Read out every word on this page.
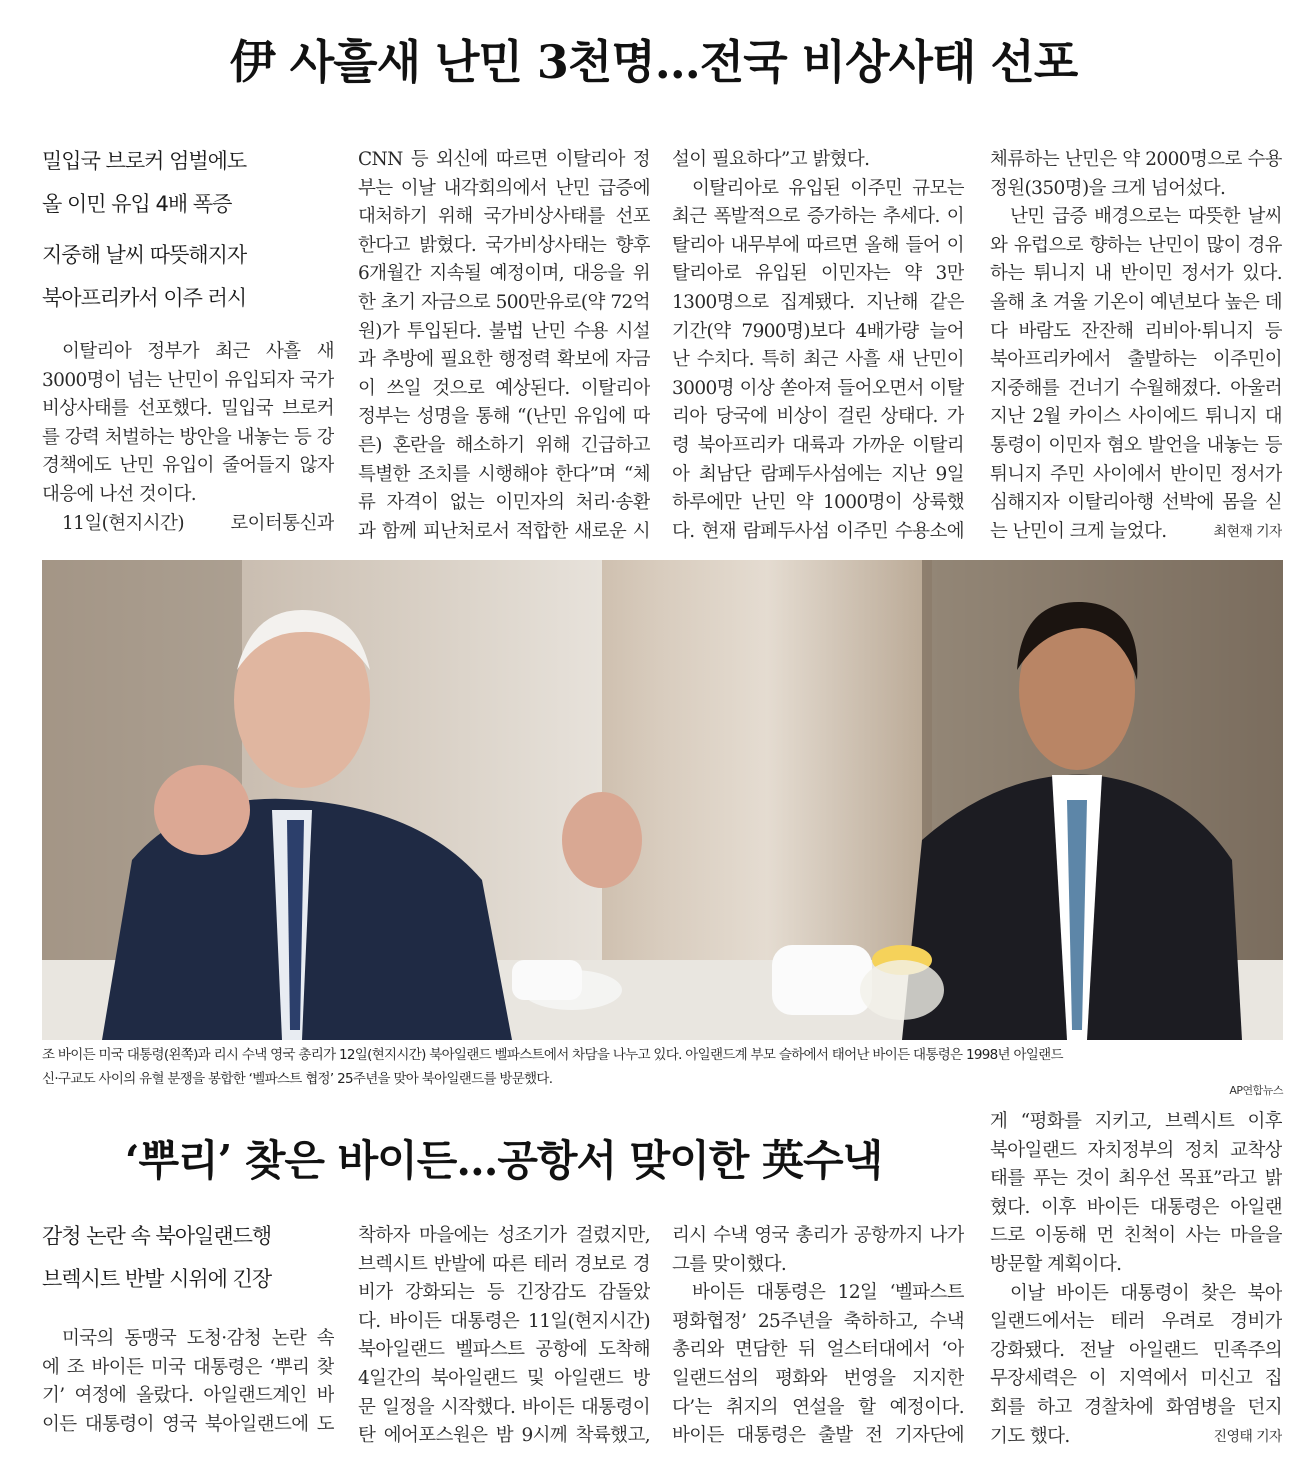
伊 사흘새 난민 3천명…전국 비상사태 선포
밀입국 브로커 엄벌에도
올 이민 유입 4배 폭증
지중해 날씨 따뜻해지자
북아프리카서 이주 러시
이탈리아 정부가 최근 사흘 새
3000명이 넘는 난민이 유입되자 국가
비상사태를 선포했다. 밀입국 브로커
를 강력 처벌하는 방안을 내놓는 등 강
경책에도 난민 유입이 줄어들지 않자
대응에 나선 것이다.
11일(현지시간) 로이터통신과
CNN 등 외신에 따르면 이탈리아 정
부는 이날 내각회의에서 난민 급증에
대처하기 위해 국가비상사태를 선포
한다고 밝혔다. 국가비상사태는 향후
6개월간 지속될 예정이며, 대응을 위
한 초기 자금으로 500만유로(약 72억
원)가 투입된다. 불법 난민 수용 시설
과 추방에 필요한 행정력 확보에 자금
이 쓰일 것으로 예상된다. 이탈리아
정부는 성명을 통해 “(난민 유입에 따
른) 혼란을 해소하기 위해 긴급하고
특별한 조치를 시행해야 한다”며 “체
류 자격이 없는 이민자의 처리·송환
과 함께 피난처로서 적합한 새로운 시
설이 필요하다”고 밝혔다.
이탈리아로 유입된 이주민 규모는
최근 폭발적으로 증가하는 추세다. 이
탈리아 내무부에 따르면 올해 들어 이
탈리아로 유입된 이민자는 약 3만
1300명으로 집계됐다. 지난해 같은
기간(약 7900명)보다 4배가량 늘어
난 수치다. 특히 최근 사흘 새 난민이
3000명 이상 쏟아져 들어오면서 이탈
리아 당국에 비상이 걸린 상태다. 가
령 북아프리카 대륙과 가까운 이탈리
아 최남단 람페두사섬에는 지난 9일
하루에만 난민 약 1000명이 상륙했
다. 현재 람페두사섬 이주민 수용소에
체류하는 난민은 약 2000명으로 수용
정원(350명)을 크게 넘어섰다.
난민 급증 배경으로는 따뜻한 날씨
와 유럽으로 향하는 난민이 많이 경유
하는 튀니지 내 반이민 정서가 있다.
올해 초 겨울 기온이 예년보다 높은 데
다 바람도 잔잔해 리비아·튀니지 등
북아프리카에서 출발하는 이주민이
지중해를 건너기 수월해졌다. 아울러
지난 2월 카이스 사이에드 튀니지 대
통령이 이민자 혐오 발언을 내놓는 등
튀니지 주민 사이에서 반이민 정서가
심해지자 이탈리아행 선박에 몸을 싣
는 난민이 크게 늘었다.	최현재 기자
조 바이든 미국 대통령(왼쪽)과 리시 수낵 영국 총리가 12일(현지시간) 북아일랜드 벨파스트에서 차담을 나누고 있다. 아일랜드계 부모 슬하에서 태어난 바이든 대통령은 1998년 아일랜드
신·구교도 사이의 유혈 분쟁을 봉합한 ‘벨파스트 협정’ 25주년을 맞아 북아일랜드를 방문했다.
AP연합뉴스
‘뿌리’ 찾은 바이든…공항서 맞이한 英수낵
감청 논란 속 북아일랜드행
브렉시트 반발 시위에 긴장
미국의 동맹국 도청·감청 논란 속
에 조 바이든 미국 대통령은 ‘뿌리 찾
기’ 여정에 올랐다. 아일랜드계인 바
이든 대통령이 영국 북아일랜드에 도
착하자 마을에는 성조기가 걸렸지만,
브렉시트 반발에 따른 테러 경보로 경
비가 강화되는 등 긴장감도 감돌았
다. 바이든 대통령은 11일(현지시간)
북아일랜드 벨파스트 공항에 도착해
4일간의 북아일랜드 및 아일랜드 방
문 일정을 시작했다. 바이든 대통령이
탄 에어포스원은 밤 9시께 착륙했고,
리시 수낵 영국 총리가 공항까지 나가
그를 맞이했다.
바이든 대통령은 12일 ‘벨파스트
평화협정’ 25주년을 축하하고, 수낵
총리와 면담한 뒤 얼스터대에서 ‘아
일랜드섬의 평화와 번영을 지지한
다’는 취지의 연설을 할 예정이다.
바이든 대통령은 출발 전 기자단에
게 “평화를 지키고, 브렉시트 이후
북아일랜드 자치정부의 정치 교착상
태를 푸는 것이 최우선 목표”라고 밝
혔다. 이후 바이든 대통령은 아일랜
드로 이동해 먼 친척이 사는 마을을
방문할 계획이다.
이날 바이든 대통령이 찾은 북아
일랜드에서는 테러 우려로 경비가
강화됐다. 전날 아일랜드 민족주의
무장세력은 이 지역에서 미신고 집
회를 하고 경찰차에 화염병을 던지
기도 했다.	진영태 기자
